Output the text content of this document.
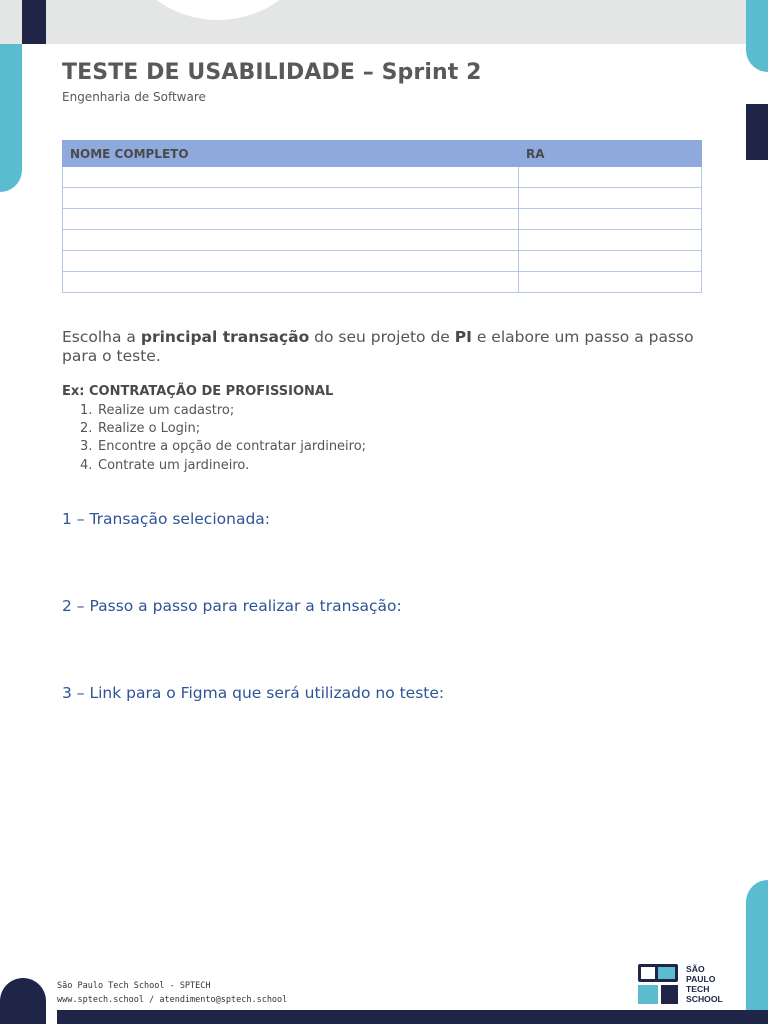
TESTE DE USABILIDADE – Sprint 2
Engenharia de Software
NOME COMPLETO	RA

Escolha a principal transação do seu projeto de PI e elabore um passo a passo para o teste.

Ex: CONTRATAÇÃO DE PROFISSIONAL
1. Realize um cadastro;
2. Realize o Login;
3. Encontre a opção de contratar jardineiro;
4. Contrate um jardineiro.
1 – Transação selecionada:
2 – Passo a passo para realizar a transação:
3 – Link para o Figma que será utilizado no teste:
São Paulo Tech School - SPTECH
www.sptech.school / atendimento@sptech.school
SÃO
PAULO
TECH
SCHOOL
